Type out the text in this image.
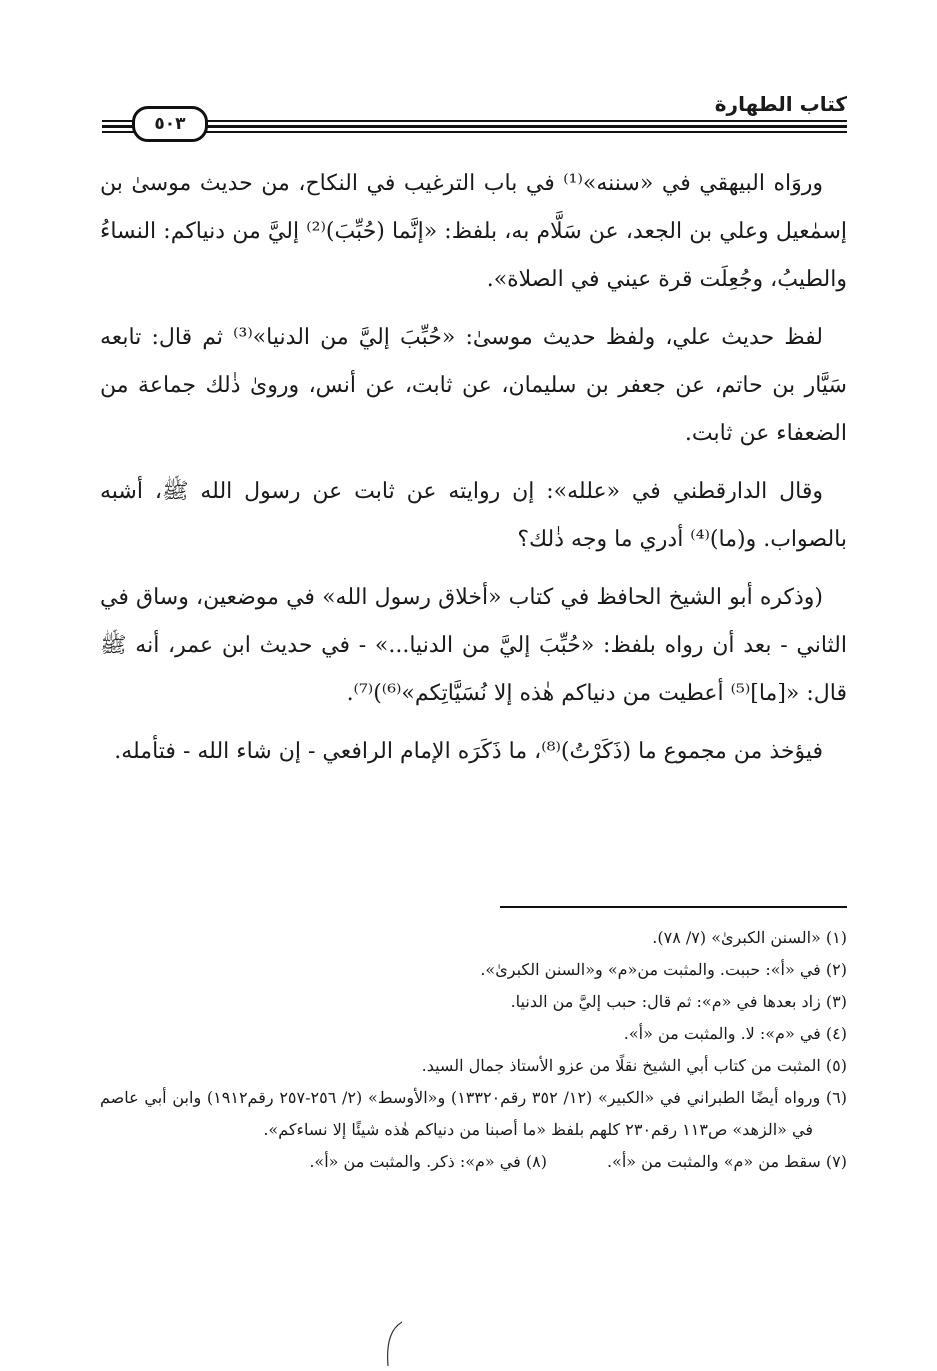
كتاب الطهارة
٥٠٣

وروَاه البيهقي في «سننه»⁽¹⁾ في باب الترغيب في النكاح، من حديث موسىٰ بن إسمٰعيل وعلي بن الجعد، عن سَلَّام به، بلفظ: «إنَّما (حُبِّبَ)⁽²⁾ إليَّ من دنياكم: النساءُ والطيبُ، وجُعِلَت قرة عيني في الصلاة».

لفظ حديث علي، ولفظ حديث موسىٰ: «حُبِّبَ إليَّ من الدنيا»⁽³⁾ ثم قال: تابعه سَيَّار بن حاتم، عن جعفر بن سليمان، عن ثابت، عن أنس، وروىٰ ذٰلك جماعة من الضعفاء عن ثابت.

وقال الدارقطني في «علله»: إن روايته عن ثابت عن رسول الله ﷺ، أشبه بالصواب. و(ما)⁽⁴⁾ أدري ما وجه ذٰلك؟

(وذكره أبو الشيخ الحافظ في كتاب «أخلاق رسول الله» في موضعين، وساق في الثاني - بعد أن رواه بلفظ: «حُبِّبَ إليَّ من الدنيا...» - في حديث ابن عمر، أنه ﷺ قال: «[ما]⁽⁵⁾ أعطيت من دنياكم هٰذه إلا نُسَيَّاتِكم»⁽⁶⁾)⁽⁷⁾.

فيؤخذ من مجموع ما (ذَكَرْتُ)⁽⁸⁾، ما ذَكَرَه الإمام الرافعي - إن شاء الله - فتأمله.

(١) «السنن الكبرىٰ» (٧/ ٧٨).

(٢) في «أ»: حببت. والمثبت من«م» و«السنن الكبرىٰ».

(٣) زاد بعدها في «م»: ثم قال: حبب إليَّ من الدنيا.

(٤) في «م»: لا. والمثبت من «أ».

(٥) المثبت من كتاب أبي الشيخ نقلًا من عزو الأستاذ جمال السيد.

(٦) ورواه أيضًا الطبراني في «الكبير» (١٢/ ٣٥٢ رقم١٣٣٢٠) و«الأوسط» (٢/ ٢٥٦-٢٥٧ رقم١٩١٢) وابن أبي عاصم في «الزهد» ص١١٣ رقم٢٣٠ كلهم بلفظ «ما أصبنا من دنياكم هٰذه شيئًا إلا نساءكم».

(٧) سقط من «م» والمثبت من «أ».

(٨) في «م»: ذكر. والمثبت من «أ».
